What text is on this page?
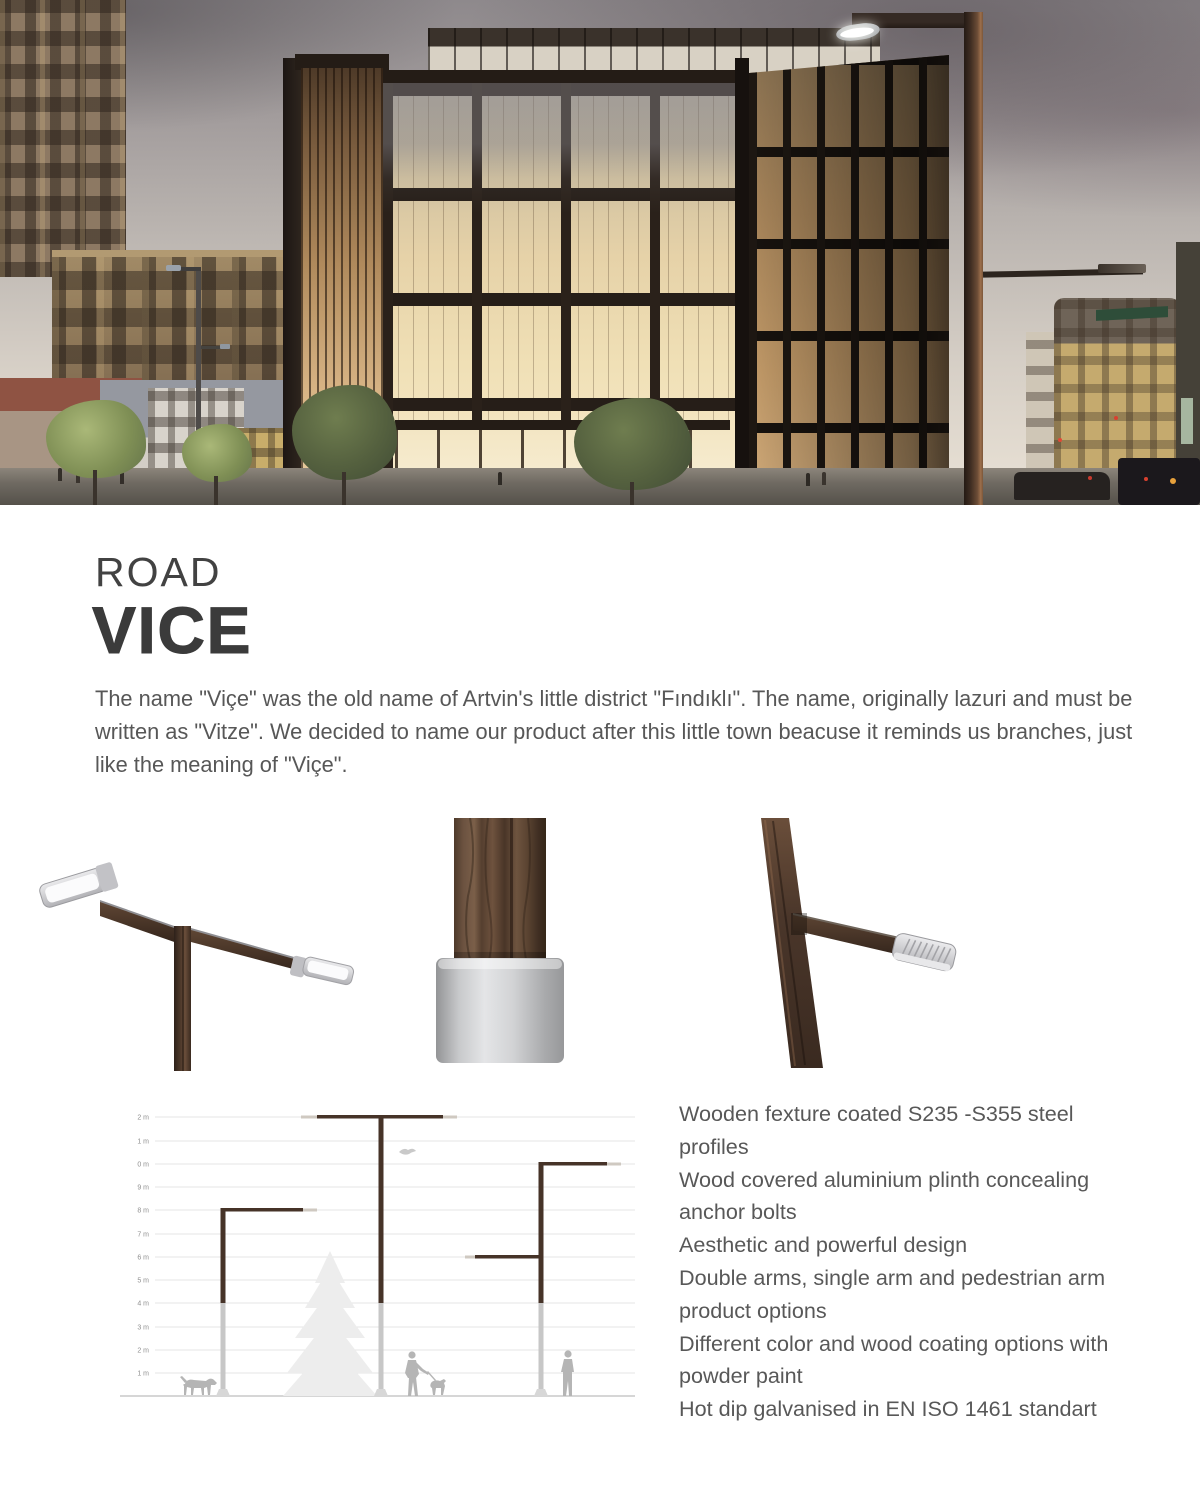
ROAD
VICE
The name "Viçe" was the old name of Artvin's little district "Fındıklı". The name, originally lazuri and must be written as "Vitze". We decided to name our product after this little town beacuse it reminds us branches, just like the meaning of "Viçe".
2 m
1 m
0 m
9 m
8 m
7 m
6 m
5 m
4 m
3 m
2 m
1 m
Wooden fexture coated S235 -S355 steel profiles
Wood covered aluminium plinth concealing anchor bolts
Aesthetic and powerful design
Double arms, single arm and pedestrian arm product options
Different color and wood coating options with powder paint
Hot dip galvanised in EN ISO 1461 standart
